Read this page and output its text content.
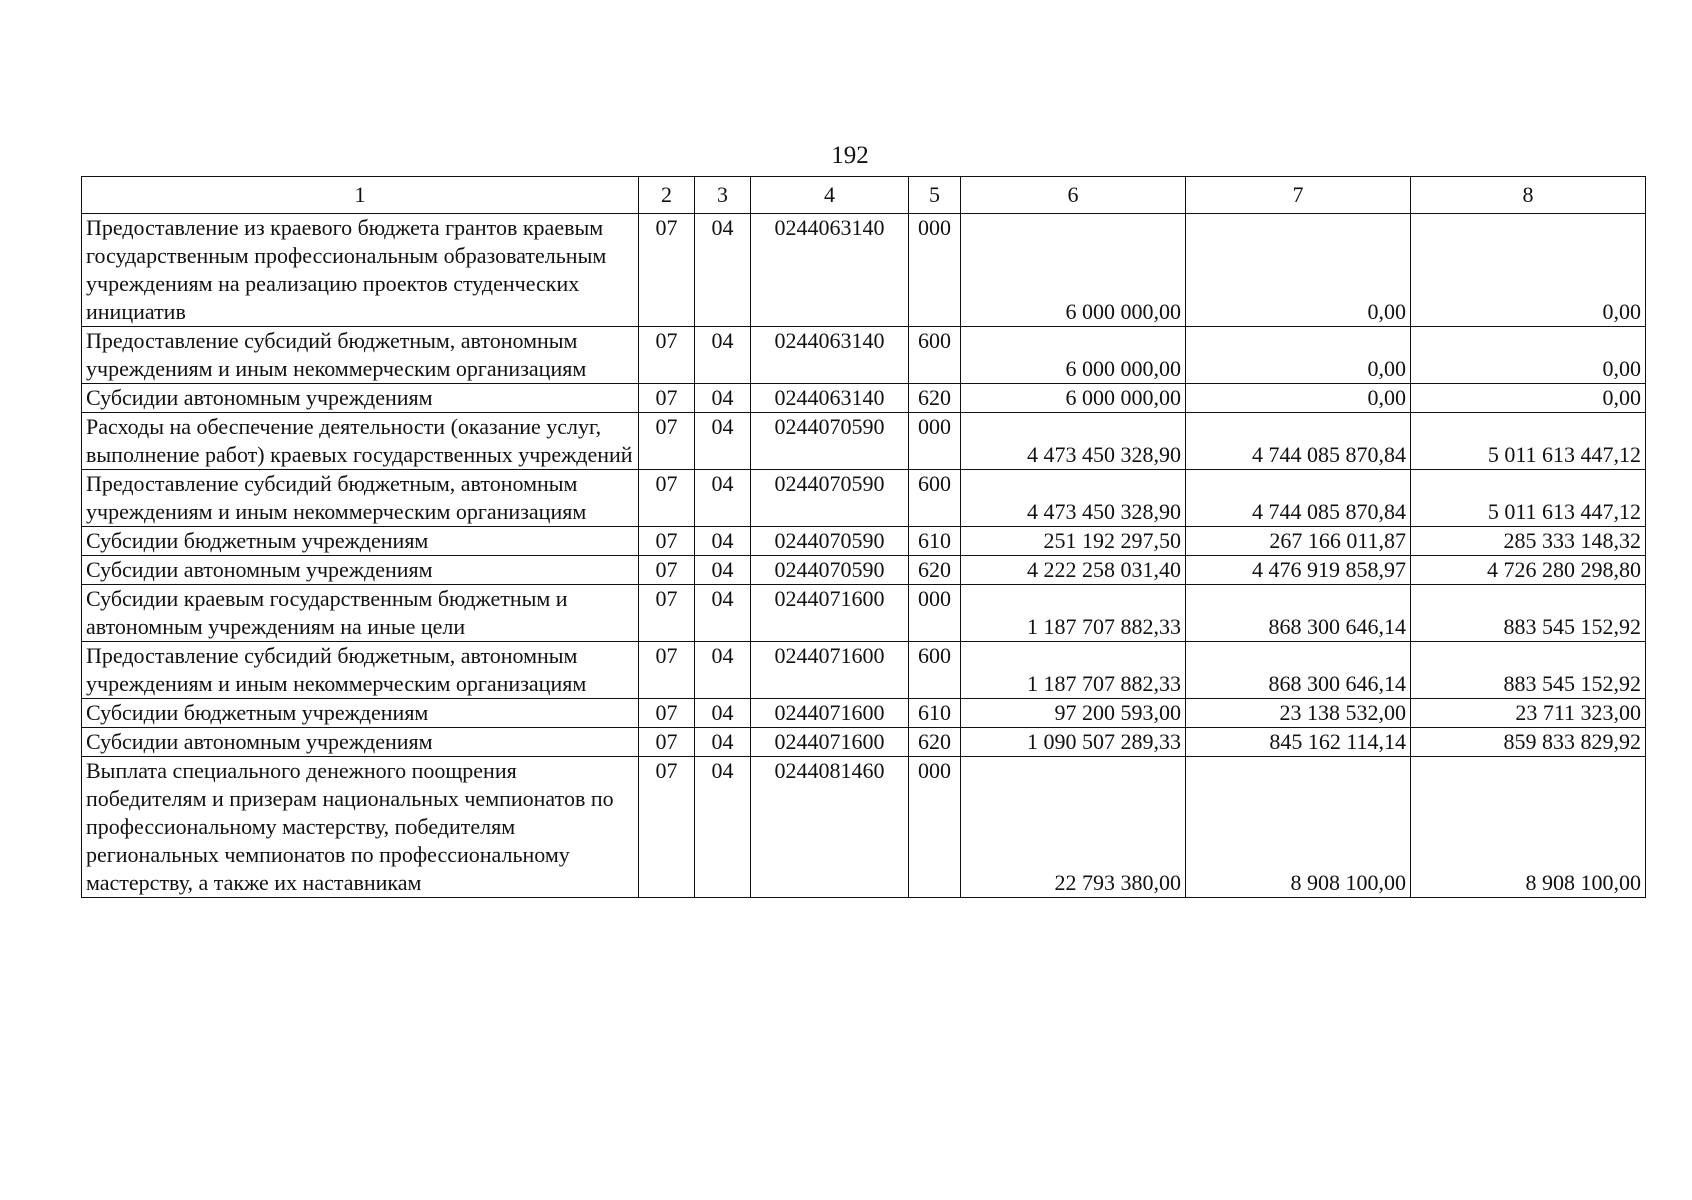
192
1	2	3	4	5	6	7	8
Предоставление из краевого бюджета грантов краевым государственным профессиональным образовательным учреждениям на реализацию проектов студенческих инициатив	07	04	0244063140	000	6 000 000,00	0,00	0,00
Предоставление субсидий бюджетным, автономным учреждениям и иным некоммерческим организациям	07	04	0244063140	600	6 000 000,00	0,00	0,00
Субсидии автономным учреждениям	07	04	0244063140	620	6 000 000,00	0,00	0,00
Расходы на обеспечение деятельности (оказание услуг, выполнение работ) краевых государственных учреждений	07	04	0244070590	000	4 473 450 328,90	4 744 085 870,84	5 011 613 447,12
Предоставление субсидий бюджетным, автономным учреждениям и иным некоммерческим организациям	07	04	0244070590	600	4 473 450 328,90	4 744 085 870,84	5 011 613 447,12
Субсидии бюджетным учреждениям	07	04	0244070590	610	251 192 297,50	267 166 011,87	285 333 148,32
Субсидии автономным учреждениям	07	04	0244070590	620	4 222 258 031,40	4 476 919 858,97	4 726 280 298,80
Субсидии краевым государственным бюджетным и автономным учреждениям на иные цели	07	04	0244071600	000	1 187 707 882,33	868 300 646,14	883 545 152,92
Предоставление субсидий бюджетным, автономным учреждениям и иным некоммерческим организациям	07	04	0244071600	600	1 187 707 882,33	868 300 646,14	883 545 152,92
Субсидии бюджетным учреждениям	07	04	0244071600	610	97 200 593,00	23 138 532,00	23 711 323,00
Субсидии автономным учреждениям	07	04	0244071600	620	1 090 507 289,33	845 162 114,14	859 833 829,92
Выплата специального денежного поощрения победителям и призерам национальных чемпионатов по профессиональному мастерству, победителям региональных чемпионатов по профессиональному мастерству, а также их наставникам	07	04	0244081460	000	22 793 380,00	8 908 100,00	8 908 100,00
